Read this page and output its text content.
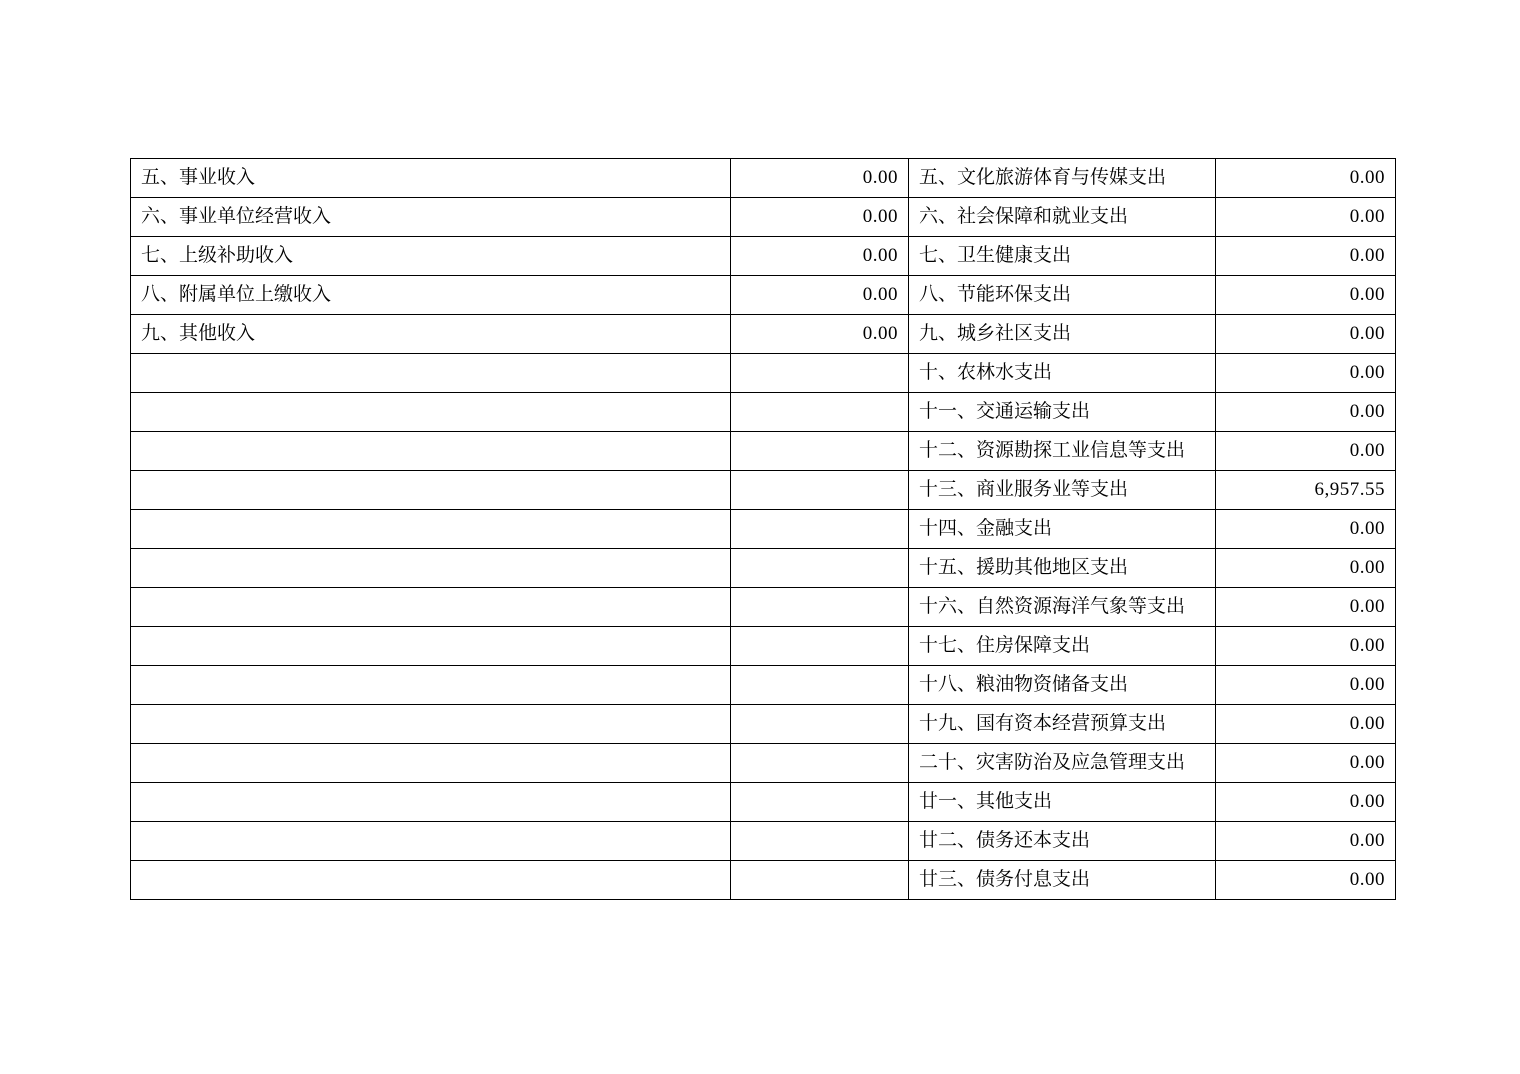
五、事业收入	0.00	五、文化旅游体育与传媒支出	0.00
六、事业单位经营收入	0.00	六、社会保障和就业支出	0.00
七、上级补助收入	0.00	七、卫生健康支出	0.00
八、附属单位上缴收入	0.00	八、节能环保支出	0.00
九、其他收入	0.00	九、城乡社区支出	0.00
		十、农林水支出	0.00
		十一、交通运输支出	0.00
		十二、资源勘探工业信息等支出	0.00
		十三、商业服务业等支出	6,957.55
		十四、金融支出	0.00
		十五、援助其他地区支出	0.00
		十六、自然资源海洋气象等支出	0.00
		十七、住房保障支出	0.00
		十八、粮油物资储备支出	0.00
		十九、国有资本经营预算支出	0.00
		二十、灾害防治及应急管理支出	0.00
		廿一、其他支出	0.00
		廿二、债务还本支出	0.00
		廿三、债务付息支出	0.00
